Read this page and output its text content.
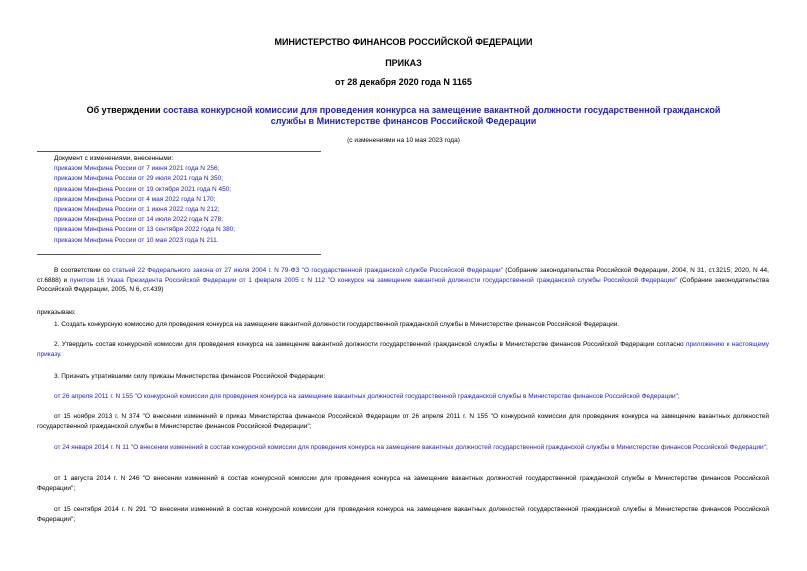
МИНИСТЕРСТВО ФИНАНСОВ РОССИЙСКОЙ ФЕДЕРАЦИИ
ПРИКАЗ
от 28 декабря 2020 года N 1165
Об утверждении состава конкурсной комиссии для проведения конкурса на замещение вакантной должности государственной гражданской службы в Министерстве финансов Российской Федерации
(с изменениями на 10 мая 2023 года)
Документ с изменениями, внесенными:
приказом Минфина России от 7 июня 2021 года N 256;
приказом Минфина России от 29 июля 2021 года N 350;
приказом Минфина России от 19 октября 2021 года N 450;
приказом Минфина России от 4 мая 2022 года N 170;
приказом Минфина России от 1 июня 2022 года N 212;
приказом Минфина России от 14 июля 2022 года N 278;
приказом Минфина России от 13 сентября 2022 года N 380;
приказом Минфина России от 10 мая 2023 года N 211.
В соответствии со статьей 22 Федерального закона от 27 июля 2004 г. N 79-ФЗ "О государственной гражданской службе Российской Федерации" (Собрание законодательства Российской Федерации, 2004, N 31, ст.3215; 2020, N 44, ст.6888) и пунктом 16 Указа Президента Российской Федерации от 1 февраля 2005 г. N 112 "О конкурсе на замещение вакантной должности государственной гражданской службы Российской Федерации" (Собрание законодательства Российской Федерации, 2005, N 6, ст.439)
приказываю:
1. Создать конкурсную комиссию для проведения конкурса на замещение вакантной должности государственной гражданской службы в Министерстве финансов Российской Федерации.
2. Утвердить состав конкурсной комиссии для проведения конкурса на замещение вакантной должности государственной гражданской службы в Министерстве финансов Российской Федерации согласно приложению к настоящему приказу.
3. Признать утратившими силу приказы Министерства финансов Российской Федерации:
от 26 апреля 2011 г. N 155 "О конкурсной комиссии для проведения конкурса на замещение вакантных должностей государственной гражданской службы в Министерстве финансов Российской Федерации";
от 15 ноября 2013 г. N 374 "О внесении изменений в приказ Министерства финансов Российской Федерации от 26 апреля 2011 г. N 155 "О конкурсной комиссии для проведения конкурса на замещение вакантных должностей государственной гражданской службы в Министерстве финансов Российской Федерации";
от 24 января 2014 г. N 11 "О внесении изменений в состав конкурсной комиссии для проведения конкурса на замещение вакантных должностей государственной гражданской службы в Министерстве финансов Российской Федерации";
от 1 августа 2014 г. N 246 "О внесении изменений в состав конкурсной комиссии для проведения конкурса на замещение вакантных должностей государственной гражданской службы в Министерстве финансов Российской Федерации";
от 15 сентября 2014 г. N 291 "О внесении изменений в состав конкурсной комиссии для проведения конкурса на замещение вакантных должностей государственной гражданской службы в Министерстве финансов Российской Федерации";
